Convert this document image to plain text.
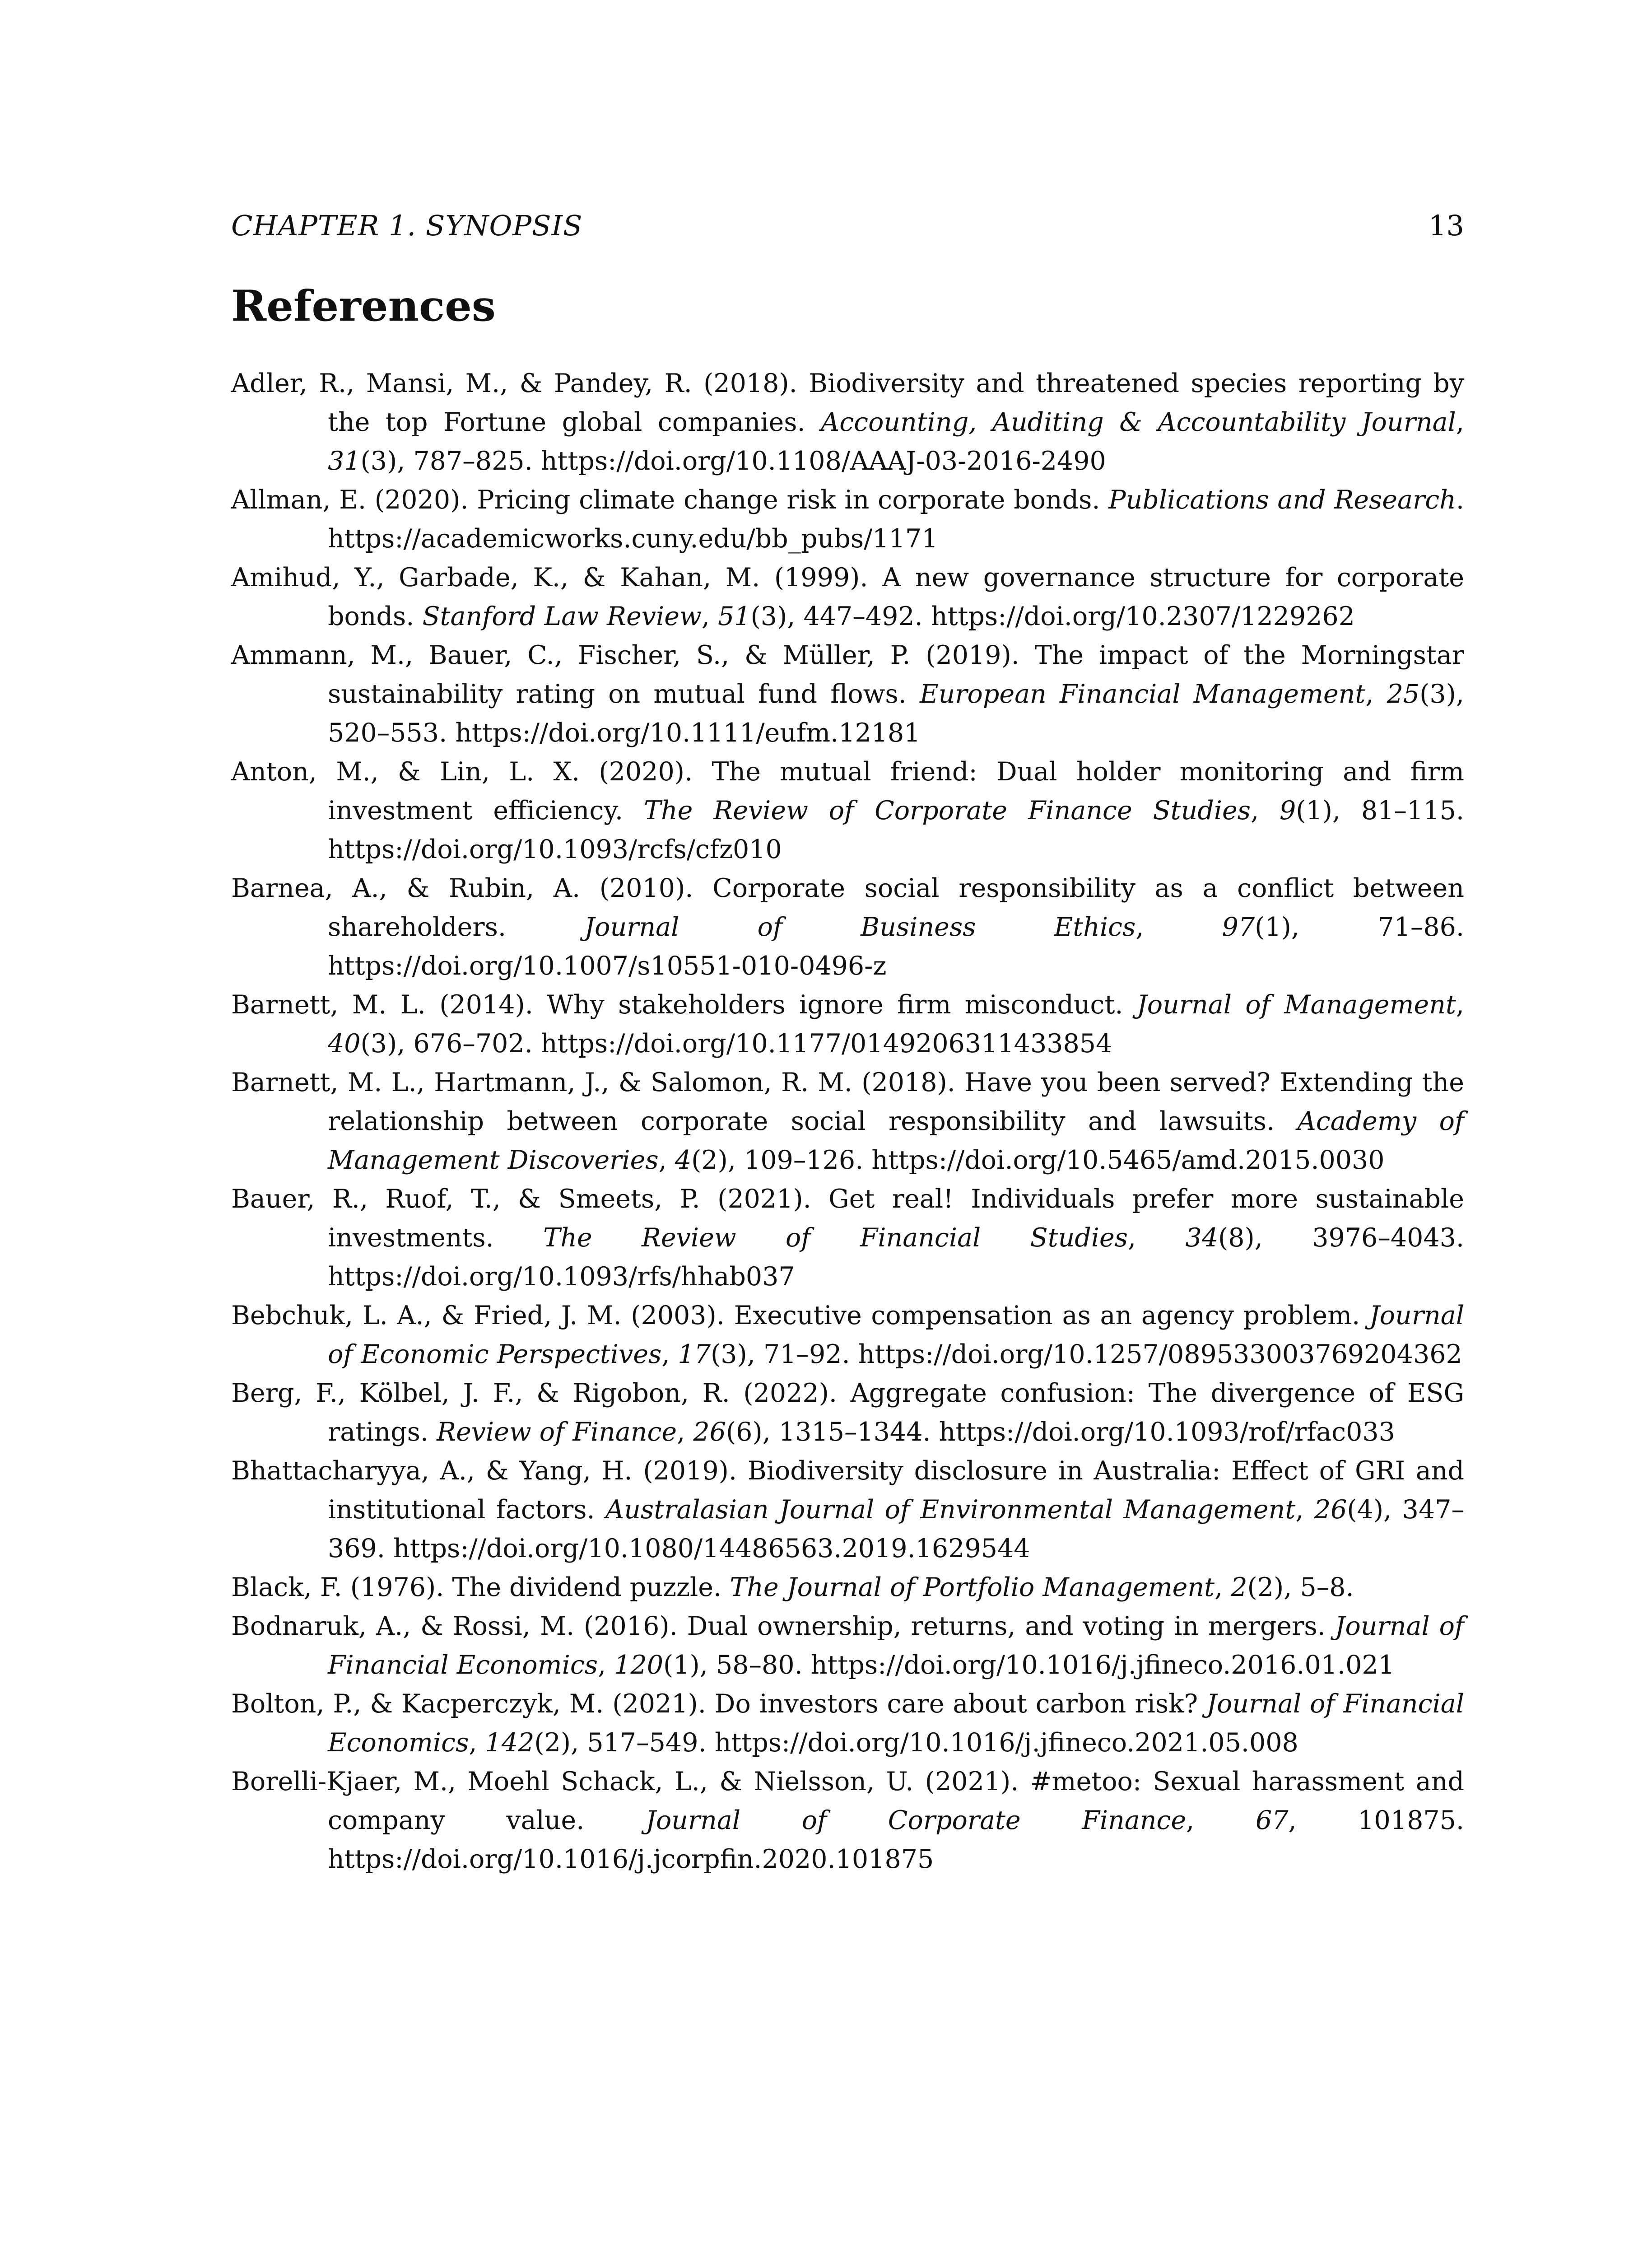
CHAPTER 1. SYNOPSIS	13
References
Adler, R., Mansi, M., & Pandey, R. (2018). Biodiversity and threatened species reporting by the top Fortune global companies. Accounting, Auditing & Accountability Journal, 31(3), 787–825. https://doi.org/10.1108/AAAJ-03-2016-2490
Allman, E. (2020). Pricing climate change risk in corporate bonds. Publications and Research. https://academicworks.cuny.edu/bb_pubs/1171
Amihud, Y., Garbade, K., & Kahan, M. (1999). A new governance structure for corporate bonds. Stanford Law Review, 51(3), 447–492. https://doi.org/10.2307/1229262
Ammann, M., Bauer, C., Fischer, S., & Müller, P. (2019). The impact of the Morningstar sustainability rating on mutual fund flows. European Financial Management, 25(3), 520–553. https://doi.org/10.1111/eufm.12181
Anton, M., & Lin, L. X. (2020). The mutual friend: Dual holder monitoring and firm investment efficiency. The Review of Corporate Finance Studies, 9(1), 81–115. https://doi.org/10.1093/rcfs/cfz010
Barnea, A., & Rubin, A. (2010). Corporate social responsibility as a conflict between shareholders. Journal of Business Ethics, 97(1), 71–86. https://doi.org/10.1007/s10551-010-0496-z
Barnett, M. L. (2014). Why stakeholders ignore firm misconduct. Journal of Management, 40(3), 676–702. https://doi.org/10.1177/0149206311433854
Barnett, M. L., Hartmann, J., & Salomon, R. M. (2018). Have you been served? Extending the relationship between corporate social responsibility and lawsuits. Academy of Management Discoveries, 4(2), 109–126. https://doi.org/10.5465/amd.2015.0030
Bauer, R., Ruof, T., & Smeets, P. (2021). Get real! Individuals prefer more sustainable investments. The Review of Financial Studies, 34(8), 3976–4043. https://doi.org/10.1093/rfs/hhab037
Bebchuk, L. A., & Fried, J. M. (2003). Executive compensation as an agency problem. Journal of Economic Perspectives, 17(3), 71–92. https://doi.org/10.1257/089533003769204362
Berg, F., Kölbel, J. F., & Rigobon, R. (2022). Aggregate confusion: The divergence of ESG ratings. Review of Finance, 26(6), 1315–1344. https://doi.org/10.1093/rof/rfac033
Bhattacharyya, A., & Yang, H. (2019). Biodiversity disclosure in Australia: Effect of GRI and institutional factors. Australasian Journal of Environmental Management, 26(4), 347–369. https://doi.org/10.1080/14486563.2019.1629544
Black, F. (1976). The dividend puzzle. The Journal of Portfolio Management, 2(2), 5–8.
Bodnaruk, A., & Rossi, M. (2016). Dual ownership, returns, and voting in mergers. Journal of Financial Economics, 120(1), 58–80. https://doi.org/10.1016/j.jfineco.2016.01.021
Bolton, P., & Kacperczyk, M. (2021). Do investors care about carbon risk? Journal of Financial Economics, 142(2), 517–549. https://doi.org/10.1016/j.jfineco.2021.05.008
Borelli-Kjaer, M., Moehl Schack, L., & Nielsson, U. (2021). #metoo: Sexual harassment and company value. Journal of Corporate Finance, 67, 101875. https://doi.org/10.1016/j.jcorpfin.2020.101875
